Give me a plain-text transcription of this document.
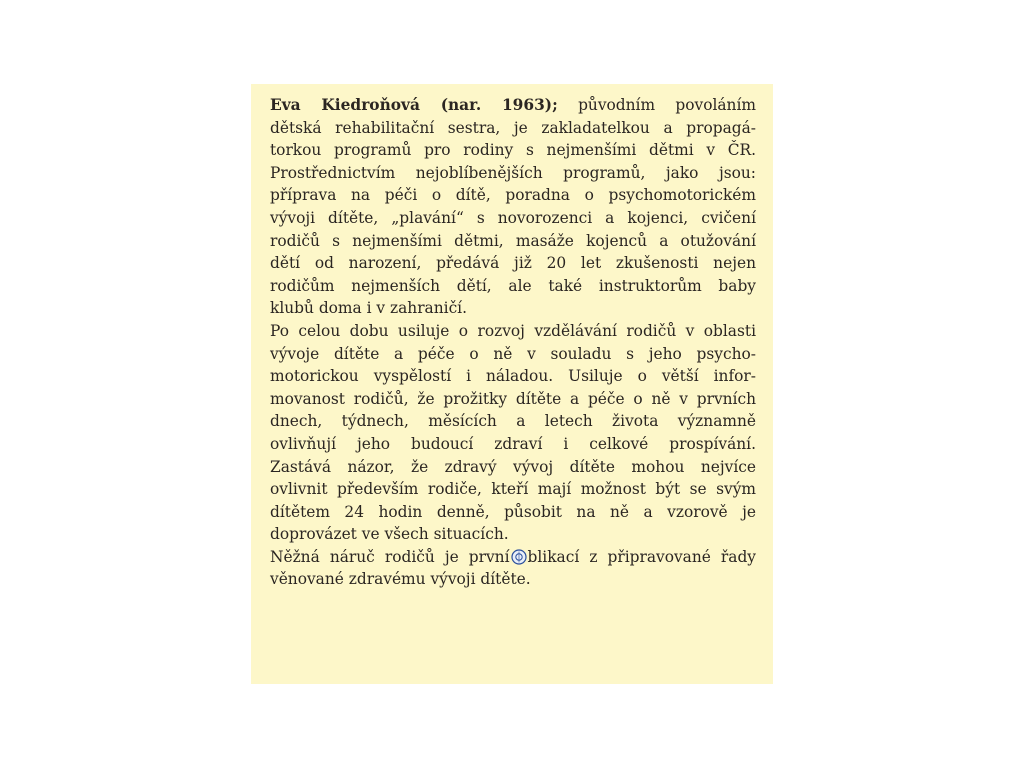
Eva Kiedroňová (nar. 1963); původním povoláním
dětská rehabilitační sestra, je zakladatelkou a propagá-
torkou programů pro rodiny s nejmenšími dětmi v ČR.
Prostřednictvím nejoblíbenějších programů, jako jsou:
příprava na péči o dítě, poradna o psychomotorickém
vývoji dítěte, „plavání“ s novorozenci a kojenci, cvičení
rodičů s nejmenšími dětmi, masáže kojenců a otužování
dětí od narození, předává již 20 let zkušenosti nejen
rodičům nejmenších dětí, ale také instruktorům baby
klubů doma i v zahraničí.
Po celou dobu usiluje o rozvoj vzdělávání rodičů v oblasti
vývoje dítěte a péče o ně v souladu s jeho psycho-
motorickou vyspělostí i náladou. Usiluje o větší infor-
movanost rodičů, že prožitky dítěte a péče o ně v prvních
dnech, týdnech, měsících a letech života významně
ovlivňují jeho budoucí zdraví i celkové prospívání.
Zastává názor, že zdravý vývoj dítěte mohou nejvíce
ovlivnit především rodiče, kteří mají možnost být se svým
dítětem 24 hodin denně, působit na ně a vzorově je
doprovázet ve všech situacích.
Něžná náruč rodičů je první blikací z připravované řady
věnované zdravému vývoji dítěte.
